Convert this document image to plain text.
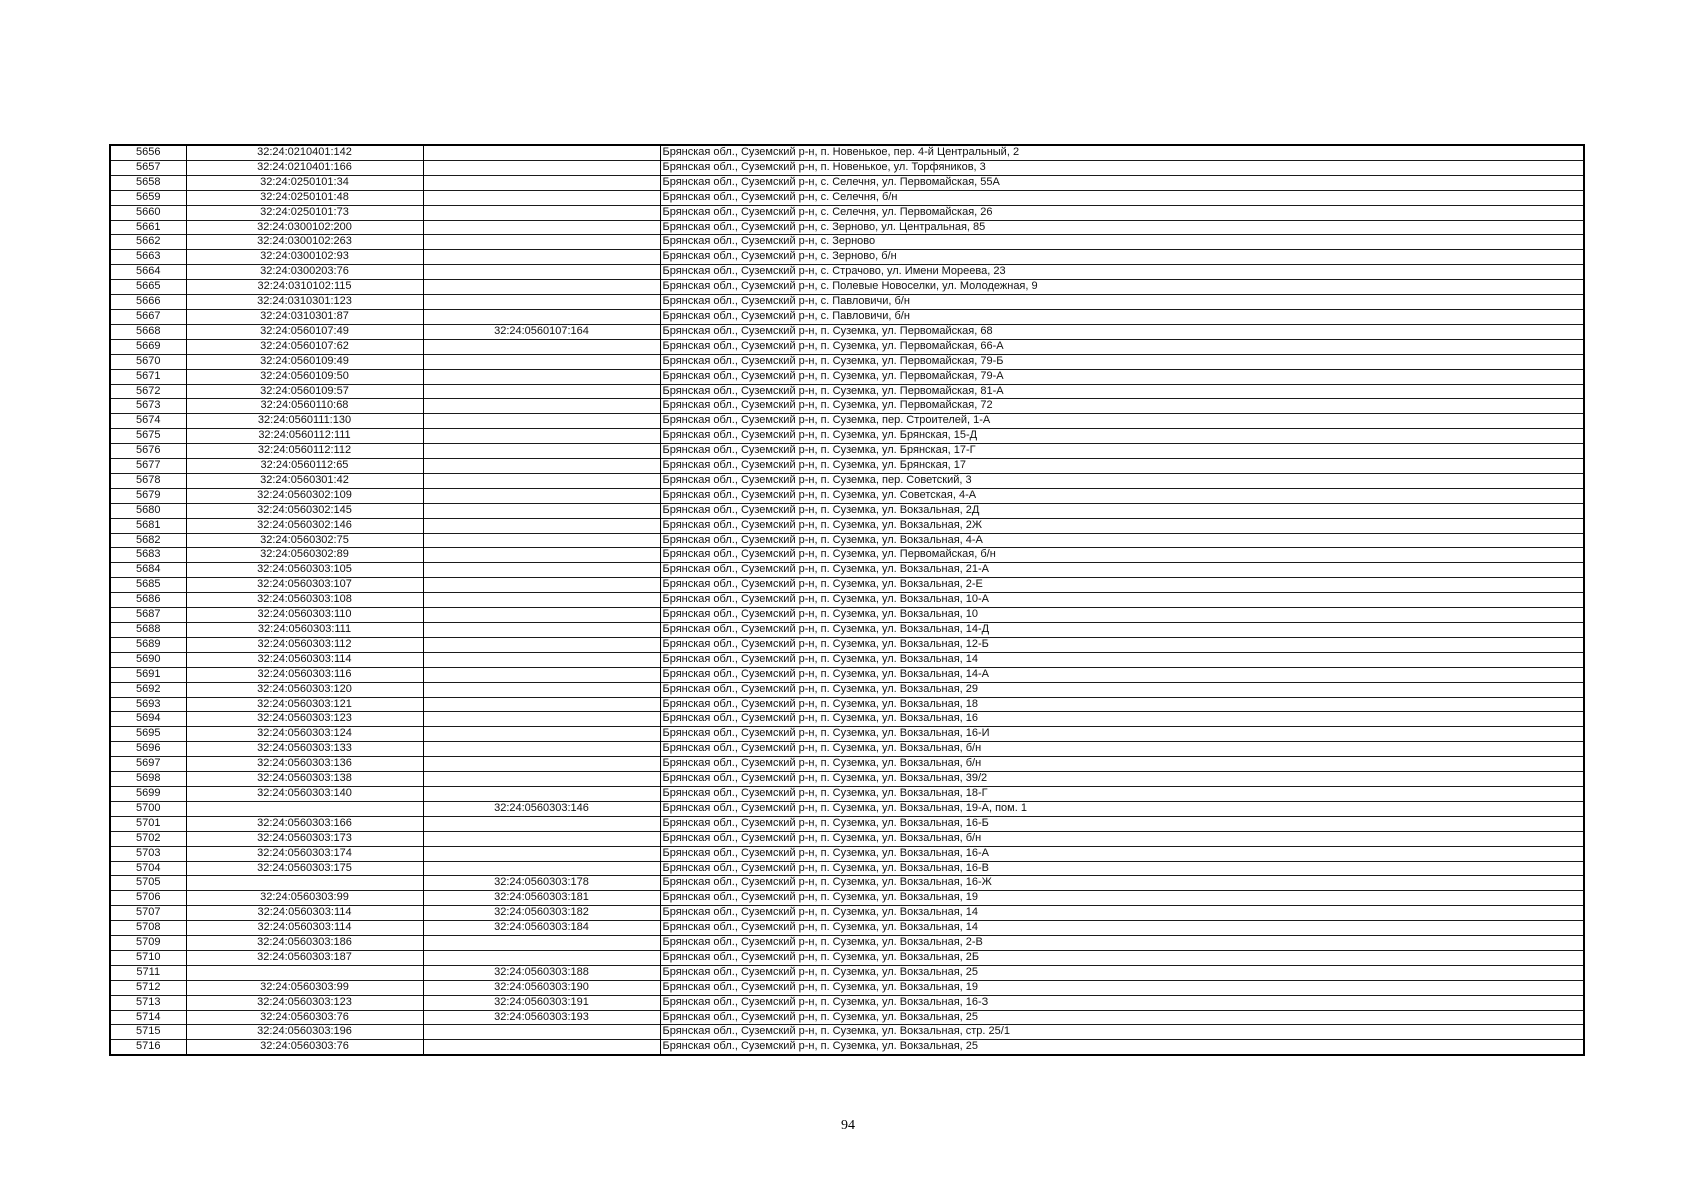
5656	32:24:0210401:142		Брянская обл., Суземский р-н, п. Новенькое, пер. 4-й Центральный, 2
5657	32:24:0210401:166		Брянская обл., Суземский р-н, п. Новенькое, ул. Торфяников, 3
5658	32:24:0250101:34		Брянская обл., Суземский р-н, с. Селечня, ул. Первомайская, 55А
5659	32:24:0250101:48		Брянская обл., Суземский р-н, с. Селечня, б/н
5660	32:24:0250101:73		Брянская обл., Суземский р-н, с. Селечня, ул. Первомайская, 26
5661	32:24:0300102:200		Брянская обл., Суземский р-н, с. Зерново, ул. Центральная, 85
5662	32:24:0300102:263		Брянская обл., Суземский р-н, с. Зерново
5663	32:24:0300102:93		Брянская обл., Суземский р-н, с. Зерново, б/н
5664	32:24:0300203:76		Брянская обл., Суземский р-н, с. Страчово, ул. Имени Мореева, 23
5665	32:24:0310102:115		Брянская обл., Суземский р-н, с. Полевые Новоселки, ул. Молодежная, 9
5666	32:24:0310301:123		Брянская обл., Суземский р-н, с. Павловичи, б/н
5667	32:24:0310301:87		Брянская обл., Суземский р-н, с. Павловичи, б/н
5668	32:24:0560107:49	32:24:0560107:164	Брянская обл., Суземский р-н, п. Суземка, ул. Первомайская, 68
5669	32:24:0560107:62		Брянская обл., Суземский р-н, п. Суземка, ул. Первомайская, 66-А
5670	32:24:0560109:49		Брянская обл., Суземский р-н, п. Суземка, ул. Первомайская, 79-Б
5671	32:24:0560109:50		Брянская обл., Суземский р-н, п. Суземка, ул. Первомайская, 79-А
5672	32:24:0560109:57		Брянская обл., Суземский р-н, п. Суземка, ул. Первомайская, 81-А
5673	32:24:0560110:68		Брянская обл., Суземский р-н, п. Суземка, ул. Первомайская, 72
5674	32:24:0560111:130		Брянская обл., Суземский р-н, п. Суземка, пер. Строителей, 1-А
5675	32:24:0560112:111		Брянская обл., Суземский р-н, п. Суземка, ул. Брянская, 15-Д
5676	32:24:0560112:112		Брянская обл., Суземский р-н, п. Суземка, ул. Брянская, 17-Г
5677	32:24:0560112:65		Брянская обл., Суземский р-н, п. Суземка, ул. Брянская, 17
5678	32:24:0560301:42		Брянская обл., Суземский р-н, п. Суземка, пер. Советский, 3
5679	32:24:0560302:109		Брянская обл., Суземский р-н, п. Суземка, ул. Советская, 4-А
5680	32:24:0560302:145		Брянская обл., Суземский р-н, п. Суземка, ул. Вокзальная, 2Д
5681	32:24:0560302:146		Брянская обл., Суземский р-н, п. Суземка, ул. Вокзальная, 2Ж
5682	32:24:0560302:75		Брянская обл., Суземский р-н, п. Суземка, ул. Вокзальная, 4-А
5683	32:24:0560302:89		Брянская обл., Суземский р-н, п. Суземка, ул. Первомайская, б/н
5684	32:24:0560303:105		Брянская обл., Суземский р-н, п. Суземка, ул. Вокзальная, 21-А
5685	32:24:0560303:107		Брянская обл., Суземский р-н, п. Суземка, ул. Вокзальная, 2-Е
5686	32:24:0560303:108		Брянская обл., Суземский р-н, п. Суземка, ул. Вокзальная, 10-А
5687	32:24:0560303:110		Брянская обл., Суземский р-н, п. Суземка, ул. Вокзальная, 10
5688	32:24:0560303:111		Брянская обл., Суземский р-н, п. Суземка, ул. Вокзальная, 14-Д
5689	32:24:0560303:112		Брянская обл., Суземский р-н, п. Суземка, ул. Вокзальная, 12-Б
5690	32:24:0560303:114		Брянская обл., Суземский р-н, п. Суземка, ул. Вокзальная, 14
5691	32:24:0560303:116		Брянская обл., Суземский р-н, п. Суземка, ул. Вокзальная, 14-А
5692	32:24:0560303:120		Брянская обл., Суземский р-н, п. Суземка, ул. Вокзальная, 29
5693	32:24:0560303:121		Брянская обл., Суземский р-н, п. Суземка, ул. Вокзальная, 18
5694	32:24:0560303:123		Брянская обл., Суземский р-н, п. Суземка, ул. Вокзальная, 16
5695	32:24:0560303:124		Брянская обл., Суземский р-н, п. Суземка, ул. Вокзальная, 16-И
5696	32:24:0560303:133		Брянская обл., Суземский р-н, п. Суземка, ул. Вокзальная, б/н
5697	32:24:0560303:136		Брянская обл., Суземский р-н, п. Суземка, ул. Вокзальная, б/н
5698	32:24:0560303:138		Брянская обл., Суземский р-н, п. Суземка, ул. Вокзальная, 39/2
5699	32:24:0560303:140		Брянская обл., Суземский р-н, п. Суземка, ул. Вокзальная, 18-Г
5700		32:24:0560303:146	Брянская обл., Суземский р-н, п. Суземка, ул. Вокзальная, 19-А, пом. 1
5701	32:24:0560303:166		Брянская обл., Суземский р-н, п. Суземка, ул. Вокзальная, 16-Б
5702	32:24:0560303:173		Брянская обл., Суземский р-н, п. Суземка, ул. Вокзальная, б/н
5703	32:24:0560303:174		Брянская обл., Суземский р-н, п. Суземка, ул. Вокзальная, 16-А
5704	32:24:0560303:175		Брянская обл., Суземский р-н, п. Суземка, ул. Вокзальная, 16-В
5705		32:24:0560303:178	Брянская обл., Суземский р-н, п. Суземка, ул. Вокзальная, 16-Ж
5706	32:24:0560303:99	32:24:0560303:181	Брянская обл., Суземский р-н, п. Суземка, ул. Вокзальная, 19
5707	32:24:0560303:114	32:24:0560303:182	Брянская обл., Суземский р-н, п. Суземка, ул. Вокзальная, 14
5708	32:24:0560303:114	32:24:0560303:184	Брянская обл., Суземский р-н, п. Суземка, ул. Вокзальная, 14
5709	32:24:0560303:186		Брянская обл., Суземский р-н, п. Суземка, ул. Вокзальная, 2-В
5710	32:24:0560303:187		Брянская обл., Суземский р-н, п. Суземка, ул. Вокзальная, 2Б
5711		32:24:0560303:188	Брянская обл., Суземский р-н, п. Суземка, ул. Вокзальная, 25
5712	32:24:0560303:99	32:24:0560303:190	Брянская обл., Суземский р-н, п. Суземка, ул. Вокзальная, 19
5713	32:24:0560303:123	32:24:0560303:191	Брянская обл., Суземский р-н, п. Суземка, ул. Вокзальная, 16-З
5714	32:24:0560303:76	32:24:0560303:193	Брянская обл., Суземский р-н, п. Суземка, ул. Вокзальная, 25
5715	32:24:0560303:196		Брянская обл., Суземский р-н, п. Суземка, ул. Вокзальная, стр. 25/1
5716	32:24:0560303:76		Брянская обл., Суземский р-н, п. Суземка, ул. Вокзальная, 25
94
